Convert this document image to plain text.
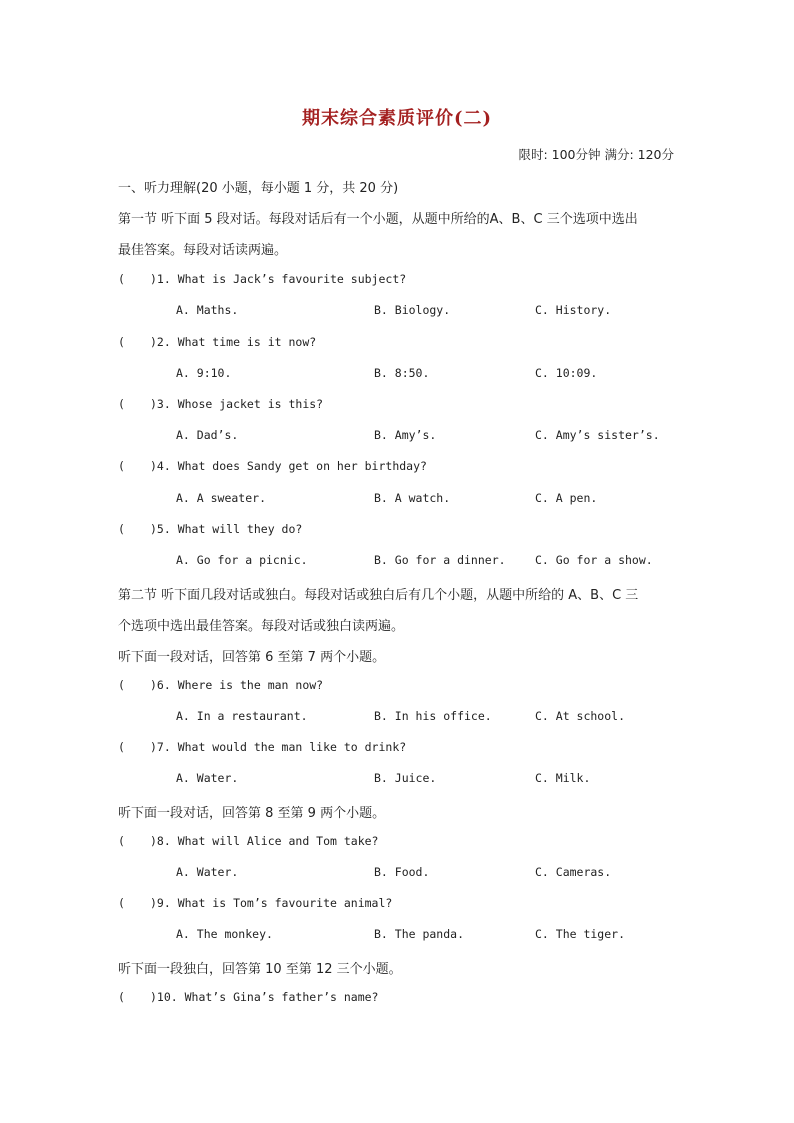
期末综合素质评价(二)
限时: 100分钟 满分: 120分
一、听力理解(20 小题，每小题 1 分，共 20 分)
第一节 听下面 5 段对话。每段对话后有一个小题，从题中所给的A、B、C 三个选项中选出
最佳答案。每段对话读两遍。
( )1. What is Jack’s favourite subject?
A. Maths.	B. Biology.	C. History.
( )2. What time is it now?
A. 9:10.	B. 8:50.	C. 10:09.
( )3. Whose jacket is this?
A. Dad’s.	B. Amy’s.	C. Amy’s sister’s.
( )4. What does Sandy get on her birthday?
A. A sweater.	B. A watch.	C. A pen.
( )5. What will they do?
A. Go for a picnic.	B. Go for a dinner.	C. Go for a show.
第二节 听下面几段对话或独白。每段对话或独白后有几个小题，从题中所给的 A、B、C 三
个选项中选出最佳答案。每段对话或独白读两遍。
听下面一段对话，回答第 6 至第 7 两个小题。
( )6. Where is the man now?
A. In a restaurant.	B. In his office.	C. At school.
( )7. What would the man like to drink?
A. Water.	B. Juice.	C. Milk.
听下面一段对话，回答第 8 至第 9 两个小题。
( )8. What will Alice and Tom take?
A. Water.	B. Food.	C. Cameras.
( )9. What is Tom’s favourite animal?
A. The monkey.	B. The panda.	C. The tiger.
听下面一段独白，回答第 10 至第 12 三个小题。
( )10. What’s Gina’s father’s name?
